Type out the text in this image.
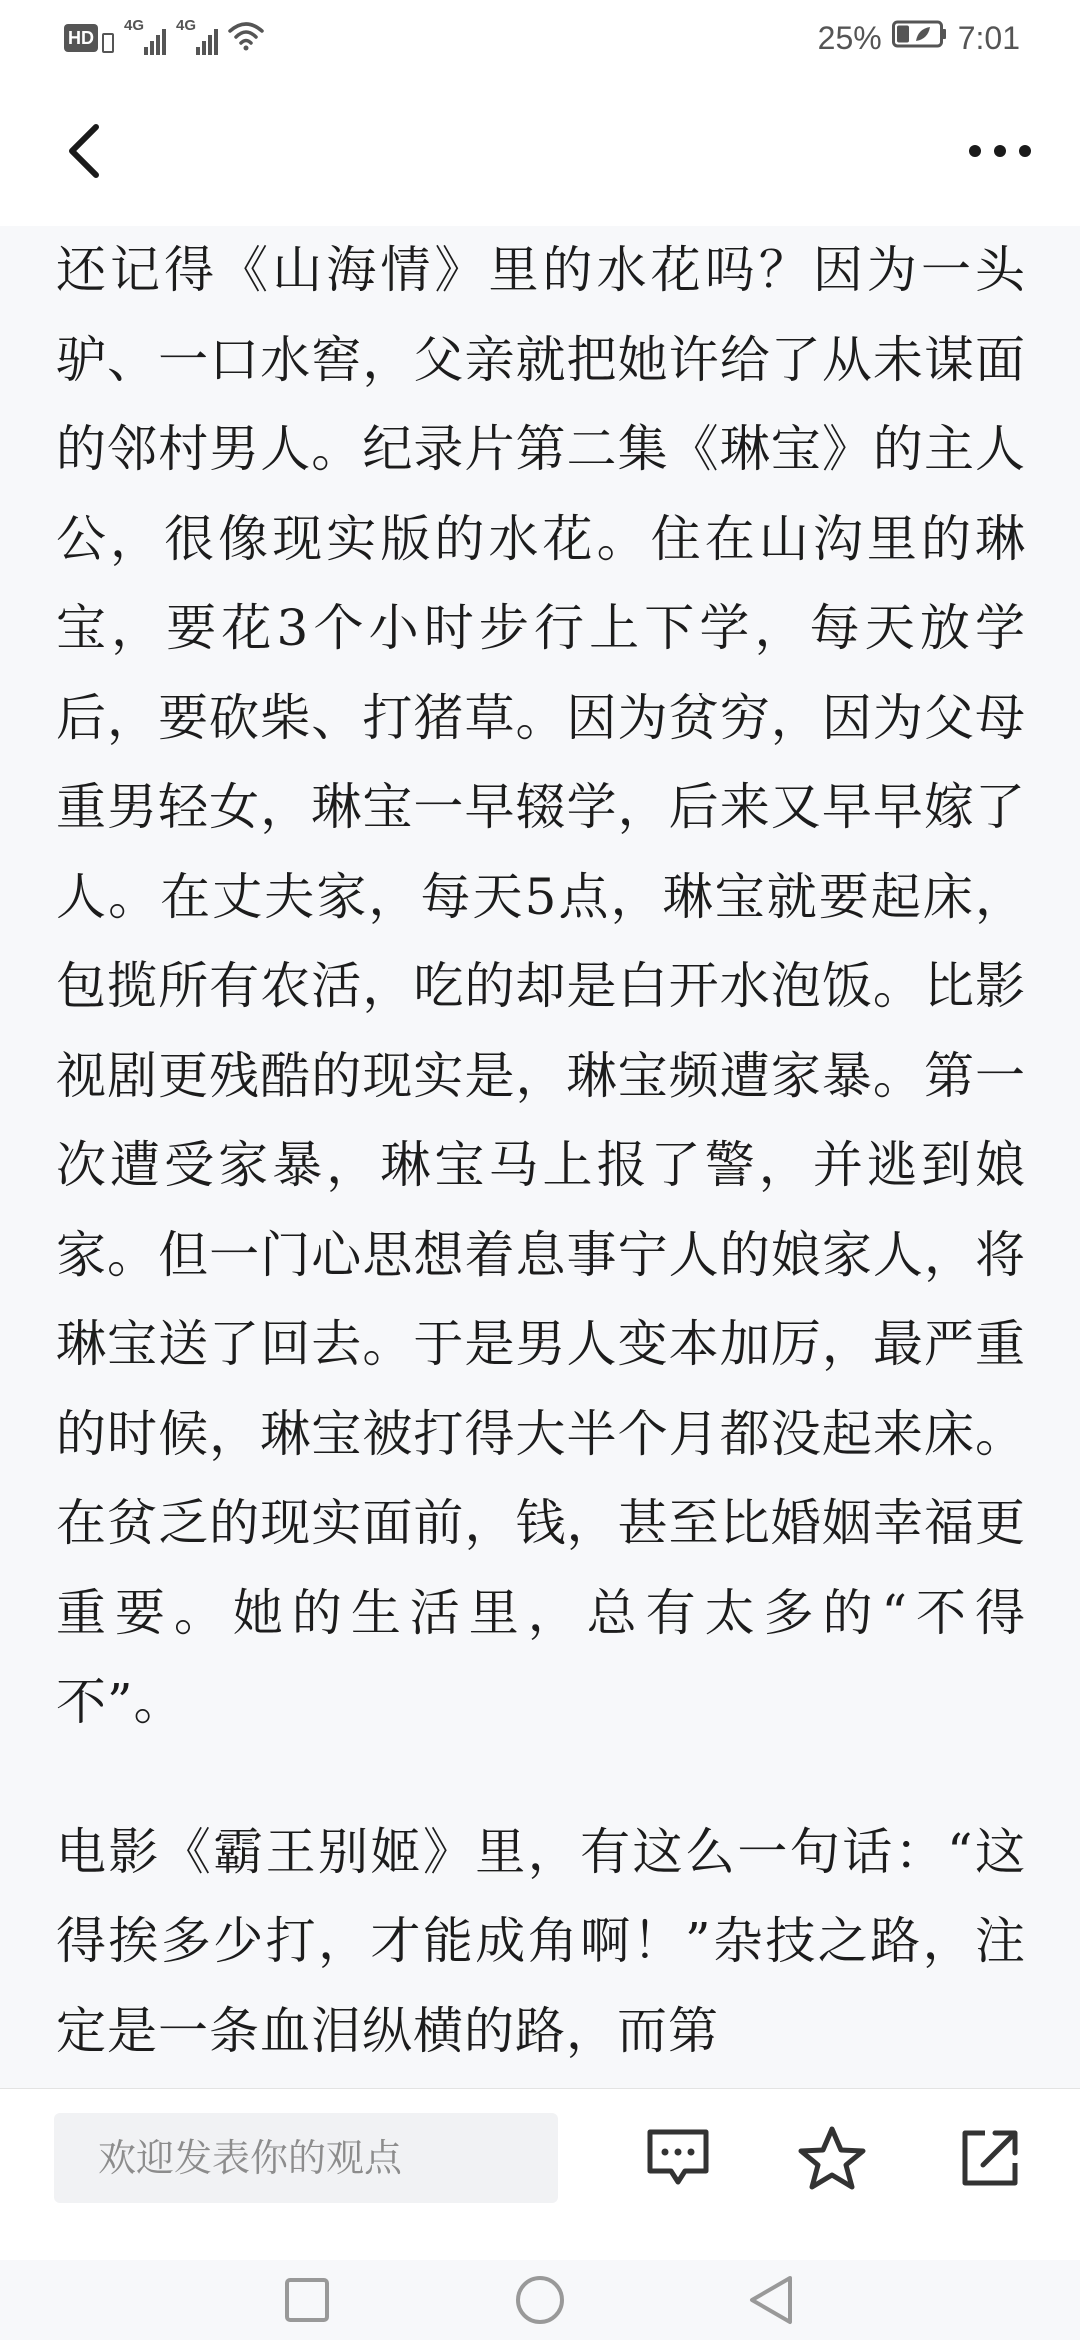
HD
4G 4G	25% 7:01

还记得《山海情》里的水花吗？因为一头驴、一口水窖，父亲就把她许给了从未谋面的邻村男人。纪录片第二集《琳宝》的主人公，很像现实版的水花。住在山沟里的琳宝，要花3个小时步行上下学，每天放学后，要砍柴、打猪草。因为贫穷，因为父母重男轻女，琳宝一早辍学，后来又早早嫁了人。在丈夫家，每天5点，琳宝就要起床，包揽所有农活，吃的却是白开水泡饭。比影视剧更残酷的现实是，琳宝频遭家暴。第一次遭受家暴，琳宝马上报了警，并逃到娘家。但一门心思想着息事宁人的娘家人，将琳宝送了回去。于是男人变本加厉，最严重的时候，琳宝被打得大半个月都没起来床。在贫乏的现实面前，钱，甚至比婚姻幸福更重要。她的生活里，总有太多的“不得不”。

电影《霸王别姬》里，有这么一句话：“这得挨多少打，才能成角啊！”杂技之路，注定是一条血泪纵横的路，而第

欢迎发表你的观点
